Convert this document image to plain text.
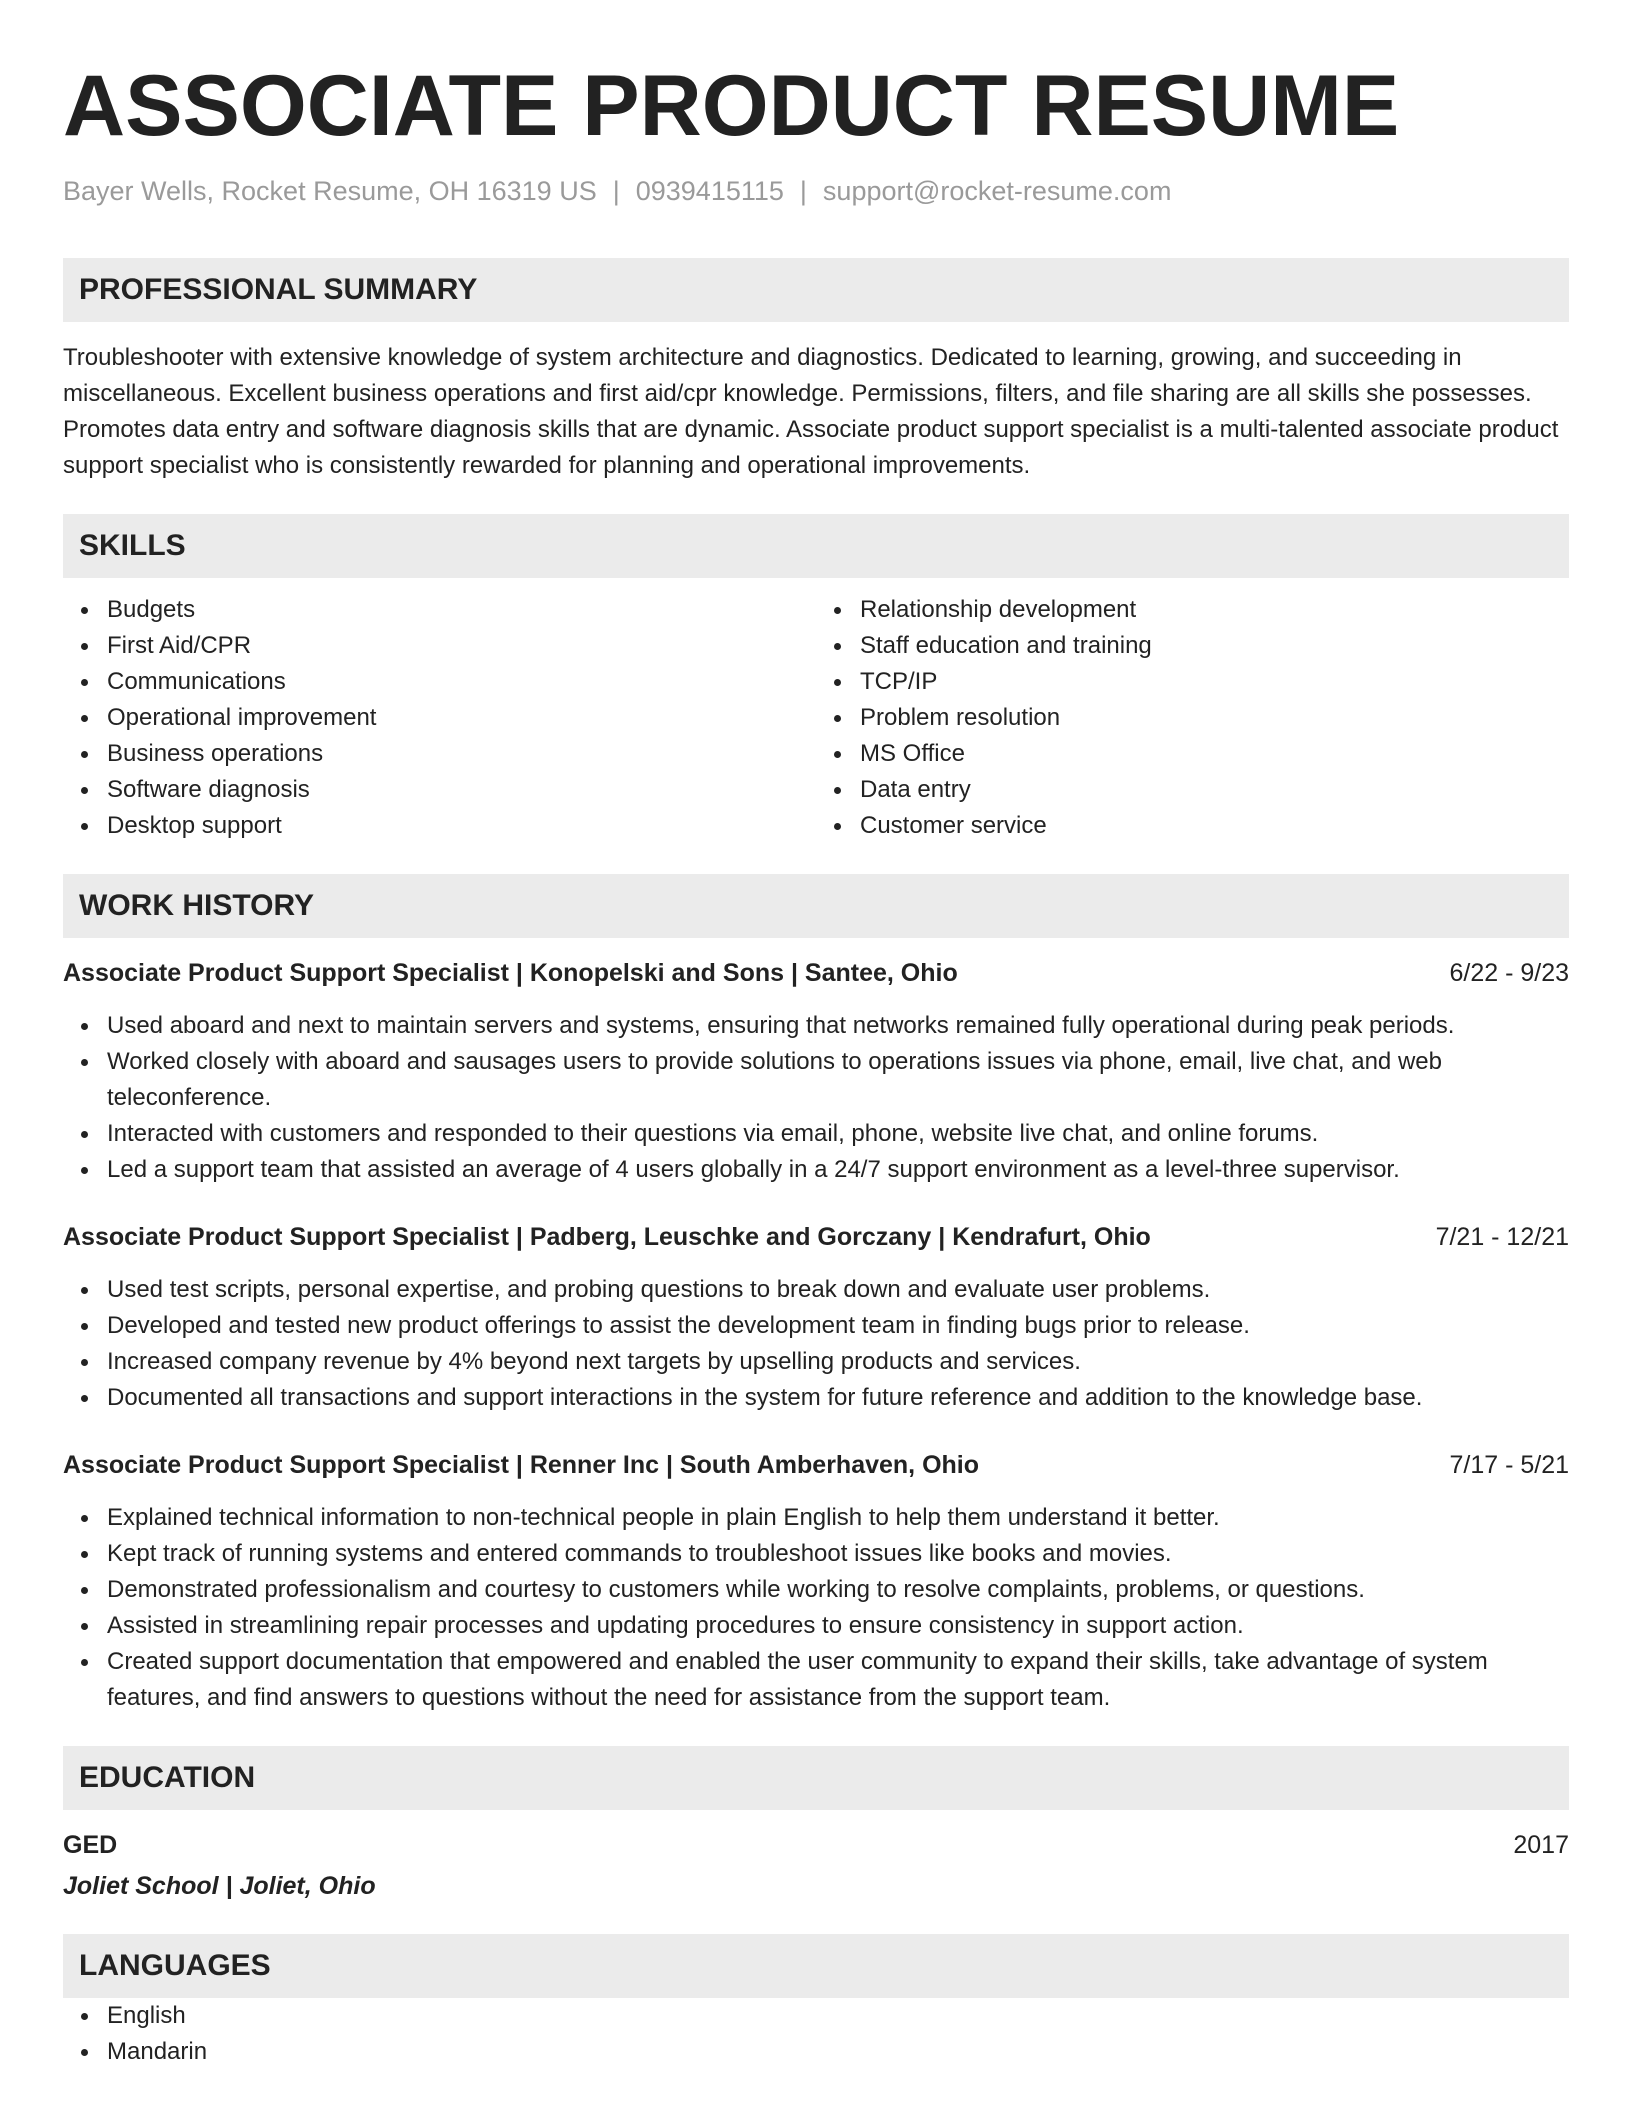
ASSOCIATE PRODUCT RESUME
Bayer Wells, Rocket Resume, OH 16319 US | 0939415115 | support@rocket-resume.com
PROFESSIONAL SUMMARY
Troubleshooter with extensive knowledge of system architecture and diagnostics. Dedicated to learning, growing, and succeeding in miscellaneous. Excellent business operations and first aid/cpr knowledge. Permissions, filters, and file sharing are all skills she possesses. Promotes data entry and software diagnosis skills that are dynamic. Associate product support specialist is a multi-talented associate product support specialist who is consistently rewarded for planning and operational improvements.
SKILLS
Budgets
First Aid/CPR
Communications
Operational improvement
Business operations
Software diagnosis
Desktop support
Relationship development
Staff education and training
TCP/IP
Problem resolution
MS Office
Data entry
Customer service
WORK HISTORY
Associate Product Support Specialist | Konopelski and Sons | Santee, Ohio	6/22 - 9/23
Used aboard and next to maintain servers and systems, ensuring that networks remained fully operational during peak periods.
Worked closely with aboard and sausages users to provide solutions to operations issues via phone, email, live chat, and web teleconference.
Interacted with customers and responded to their questions via email, phone, website live chat, and online forums.
Led a support team that assisted an average of 4 users globally in a 24/7 support environment as a level-three supervisor.
Associate Product Support Specialist | Padberg, Leuschke and Gorczany | Kendrafurt, Ohio	7/21 - 12/21
Used test scripts, personal expertise, and probing questions to break down and evaluate user problems.
Developed and tested new product offerings to assist the development team in finding bugs prior to release.
Increased company revenue by 4% beyond next targets by upselling products and services.
Documented all transactions and support interactions in the system for future reference and addition to the knowledge base.
Associate Product Support Specialist | Renner Inc | South Amberhaven, Ohio	7/17 - 5/21
Explained technical information to non-technical people in plain English to help them understand it better.
Kept track of running systems and entered commands to troubleshoot issues like books and movies.
Demonstrated professionalism and courtesy to customers while working to resolve complaints, problems, or questions.
Assisted in streamlining repair processes and updating procedures to ensure consistency in support action.
Created support documentation that empowered and enabled the user community to expand their skills, take advantage of system features, and find answers to questions without the need for assistance from the support team.
EDUCATION
GED	2017
Joliet School | Joliet, Ohio
LANGUAGES
English
Mandarin
